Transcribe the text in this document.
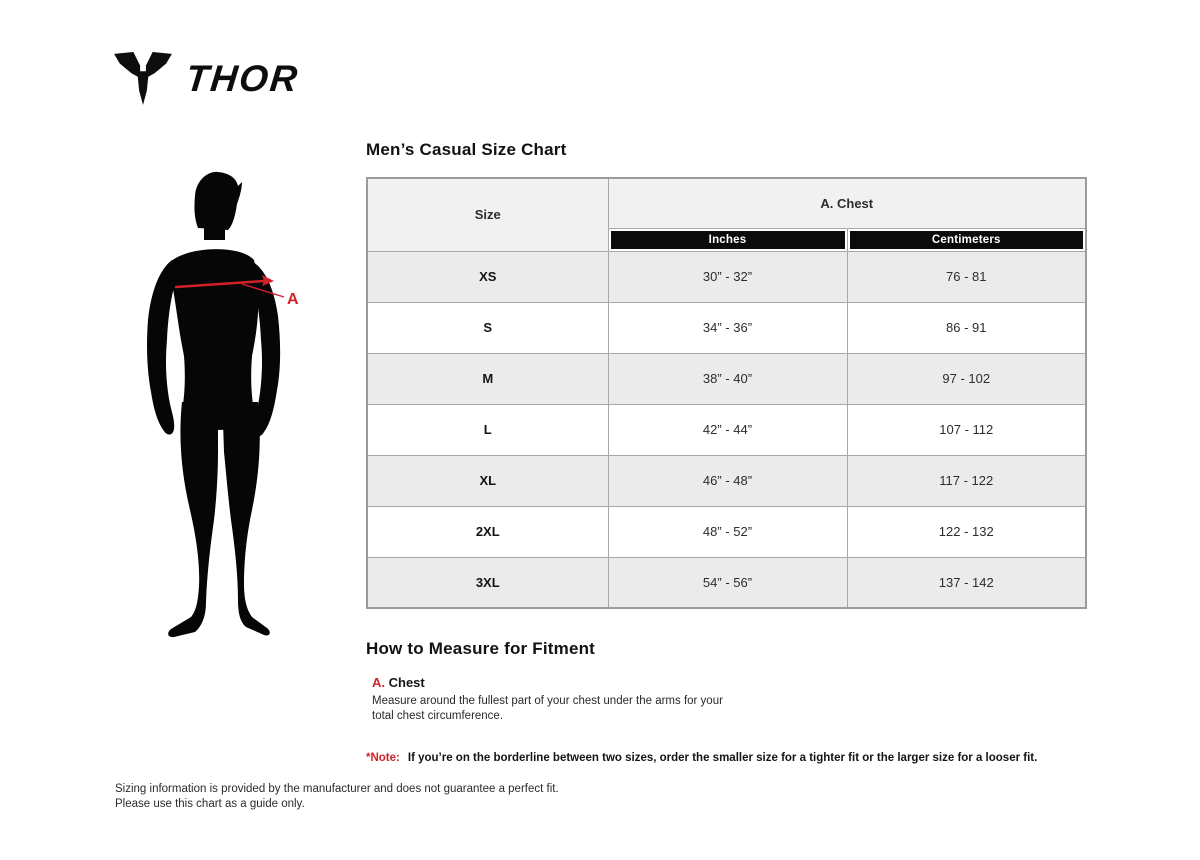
THOR
A
Men’s Casual Size Chart
Size	A. Chest	

Inches	Centimeters

XS	30” - 32”	76 - 81
S	34” - 36”	86 - 91
M	38” - 40”	97 - 102
L	42” - 44”	107 - 112
XL	46” - 48”	117 - 122
2XL	48” - 52”	122 - 132
3XL	54” - 56”	137 - 142
How to Measure for Fitment
A. Chest

Measure around the fullest part of your chest under the arms for your total chest circumference.

*Note: If you’re on the borderline between two sizes, order the smaller size for a tighter fit or the larger size for a looser fit.

Sizing information is provided by the manufacturer and does not guarantee a perfect fit.

Please use this chart as a guide only.
